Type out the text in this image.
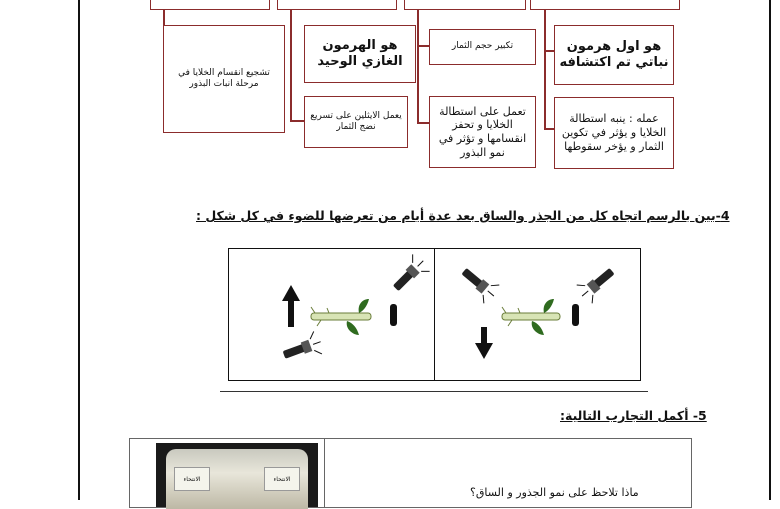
تشجيع انقسام الخلايا في مرحلة انبات البذور
هو الهرمون الغازي الوحيد
يعمل الايثلين على تسريع نضج الثمار
تكبير حجم الثمار
تعمل على استطالة الخلايا و تحفز انقسامها و تؤثر في نمو البذور
هو اول هرمون نباتي تم اكتشافه
عمله : ينبه استطالة الخلايا و يؤثر في تكوين الثمار و يؤخر سقوطها
4-بين بالرسم اتجاه كل من الجذر والساق بعد عدة أيام من تعرضها للضوء في كل شكل :
5- أكمل التجارب التالية:
الانتحاء	الانتحاء
ماذا تلاحظ على نمو الجذور و الساق؟
